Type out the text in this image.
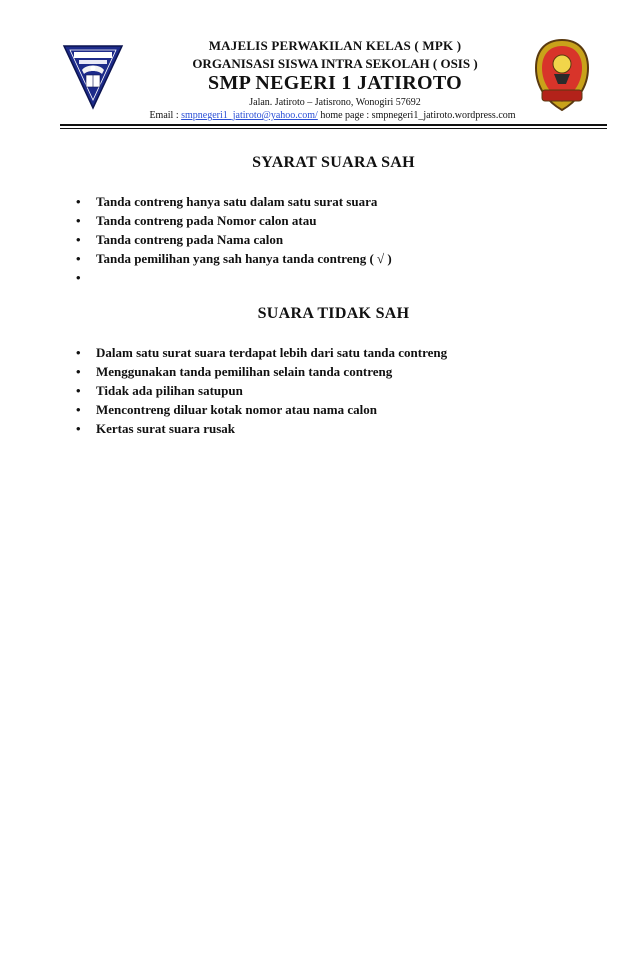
MAJELIS PERWAKILAN KELAS ( MPK )
ORGANISASI SISWA INTRA SEKOLAH ( OSIS )
SMP NEGERI 1 JATIROTO
Jalan. Jatiroto – Jatisrono, Wonogiri 57692
Email : smpnegeri1_jatiroto@yahoo.com/ home page : smpnegeri1_jatiroto.wordpress.com
SYARAT SUARA SAH
• Tanda contreng hanya satu dalam satu surat suara
• Tanda contreng pada Nomor calon atau
• Tanda contreng pada Nama calon
• Tanda pemilihan yang sah hanya tanda contreng ( √ )
•
SUARA TIDAK SAH
• Dalam satu surat suara terdapat lebih dari satu tanda contreng
• Menggunakan tanda pemilihan selain tanda contreng
• Tidak ada pilihan satupun
• Mencontreng diluar kotak nomor atau nama calon
• Kertas surat suara rusak
